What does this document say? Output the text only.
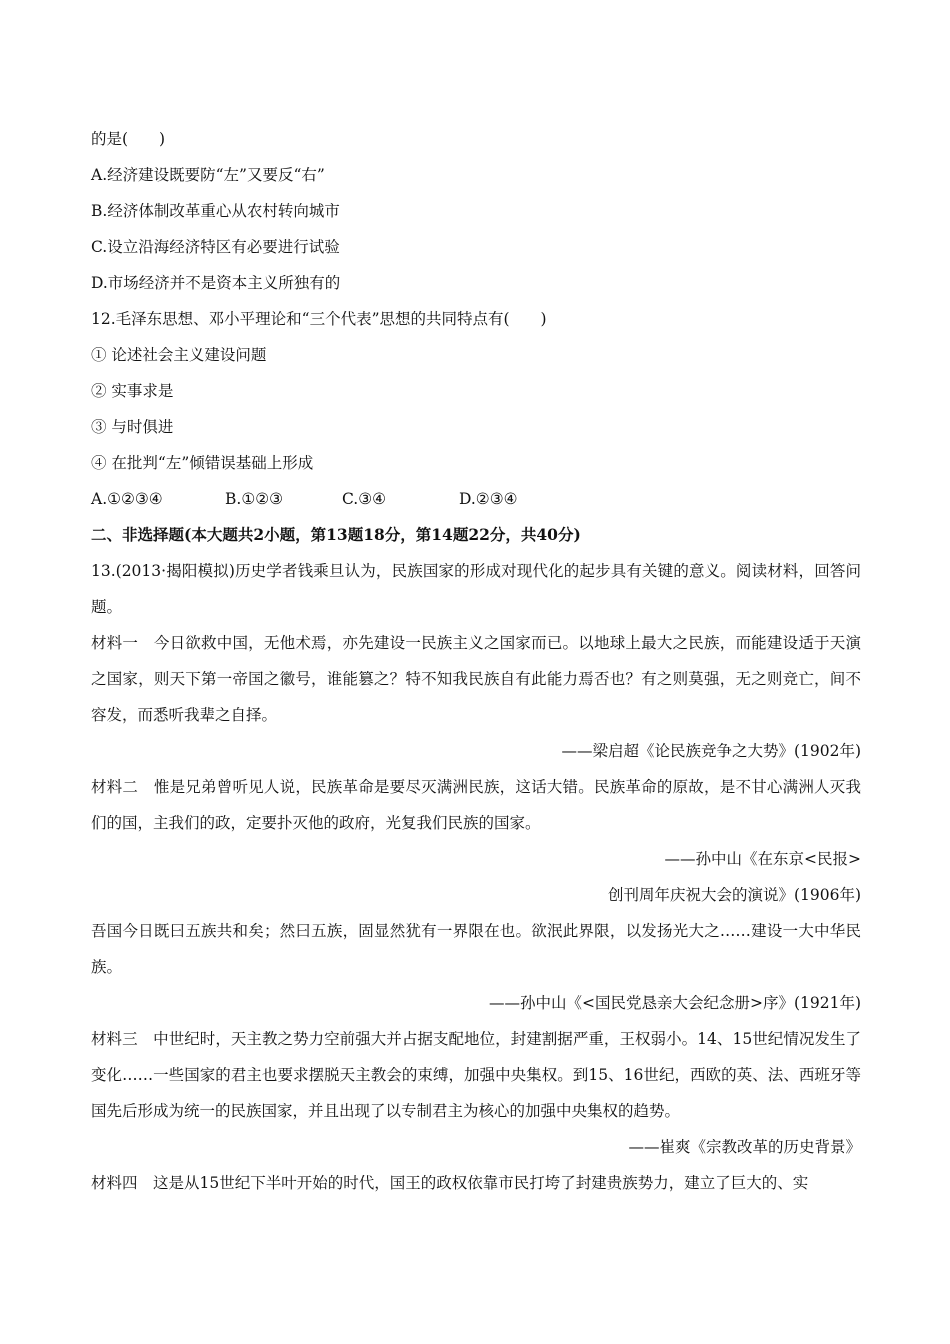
的是(　　)

A.经济建设既要防“左”又要反“右”

B.经济体制改革重心从农村转向城市

C.设立沿海经济特区有必要进行试验

D.市场经济并不是资本主义所独有的

12.毛泽东思想、邓小平理论和“三个代表”思想的共同特点有(　　)

① 论述社会主义建设问题

② 实事求是

③ 与时俱进

④ 在批判“左”倾错误基础上形成

A.①②③④	B.①②③	C.③④	D.②③④

二、非选择题(本大题共2小题，第13题18分，第14题22分，共40分)

13.(2013·揭阳模拟)历史学者钱乘旦认为，民族国家的形成对现代化的起步具有关键的意义。阅读材料，回答问题。

材料一　今日欲救中国，无他术焉，亦先建设一民族主义之国家而已。以地球上最大之民族，而能建设适于天演之国家，则天下第一帝国之徽号，谁能篡之？特不知我民族自有此能力焉否也？有之则莫强，无之则竞亡，间不容发，而悉听我辈之自择。

——梁启超《论民族竞争之大势》(1902年)

材料二　惟是兄弟曾听见人说，民族革命是要尽灭满洲民族，这话大错。民族革命的原故，是不甘心满洲人灭我们的国，主我们的政，定要扑灭他的政府，光复我们民族的国家。

——孙中山《在东京<民报>

创刊周年庆祝大会的演说》(1906年)

吾国今日既曰五族共和矣；然曰五族，固显然犹有一界限在也。欲泯此界限，以发扬光大之……建设一大中华民族。

——孙中山《<国民党恳亲大会纪念册>序》(1921年)

材料三　中世纪时，天主教之势力空前强大并占据支配地位，封建割据严重，王权弱小。14、15世纪情况发生了变化……一些国家的君主也要求摆脱天主教会的束缚，加强中央集权。到15、16世纪，西欧的英、法、西班牙等国先后形成为统一的民族国家，并且出现了以专制君主为核心的加强中央集权的趋势。

——崔爽《宗教改革的历史背景》

材料四　这是从15世纪下半叶开始的时代，国王的政权依靠市民打垮了封建贵族势力，建立了巨大的、实
